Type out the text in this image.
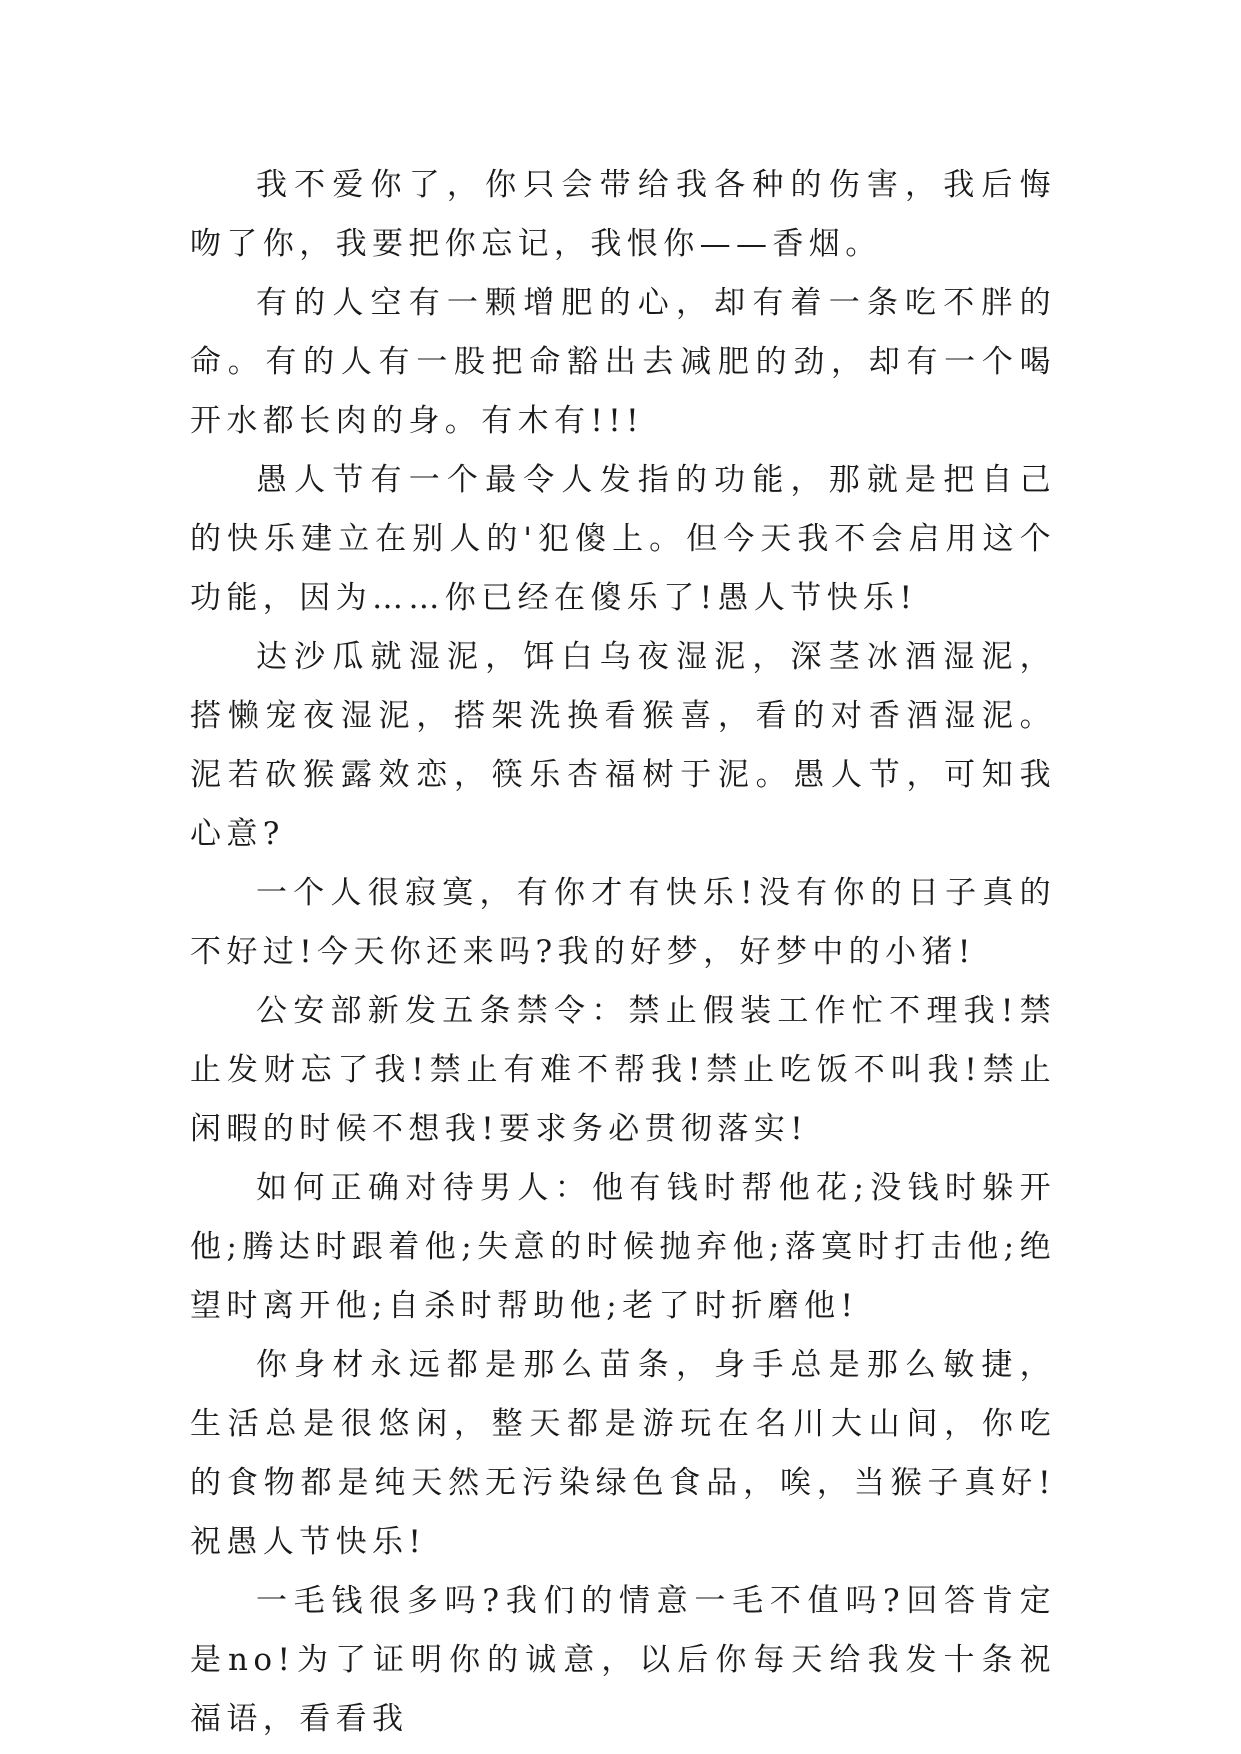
我不爱你了，你只会带给我各种的伤害，我后悔吻了你，我要把你忘记，我恨你——香烟。

有的人空有一颗增肥的心，却有着一条吃不胖的命。有的人有一股把命豁出去减肥的劲，却有一个喝开水都长肉的身。有木有!!!

愚人节有一个最令人发指的功能，那就是把自己的快乐建立在别人的'犯傻上。但今天我不会启用这个功能，因为……你已经在傻乐了!愚人节快乐!

达沙瓜就湿泥，饵白乌夜湿泥，深茎冰酒湿泥，搭懒宠夜湿泥，搭架洗换看猴喜，看的对香酒湿泥。泥若砍猴露效恋，筷乐杏福树于泥。愚人节，可知我心意?

一个人很寂寞，有你才有快乐!没有你的日子真的不好过!今天你还来吗?我的好梦，好梦中的小猪!

公安部新发五条禁令：禁止假装工作忙不理我!禁止发财忘了我!禁止有难不帮我!禁止吃饭不叫我!禁止闲暇的时候不想我!要求务必贯彻落实!

如何正确对待男人：他有钱时帮他花;没钱时躲开他;腾达时跟着他;失意的时候抛弃他;落寞时打击他;绝望时离开他;自杀时帮助他;老了时折磨他!

你身材永远都是那么苗条，身手总是那么敏捷，生活总是很悠闲，整天都是游玩在名川大山间，你吃的食物都是纯天然无污染绿色食品，唉，当猴子真好!祝愚人节快乐!

一毛钱很多吗?我们的情意一毛不值吗?回答肯定是no!为了证明你的诚意，以后你每天给我发十条祝福语，看看我
